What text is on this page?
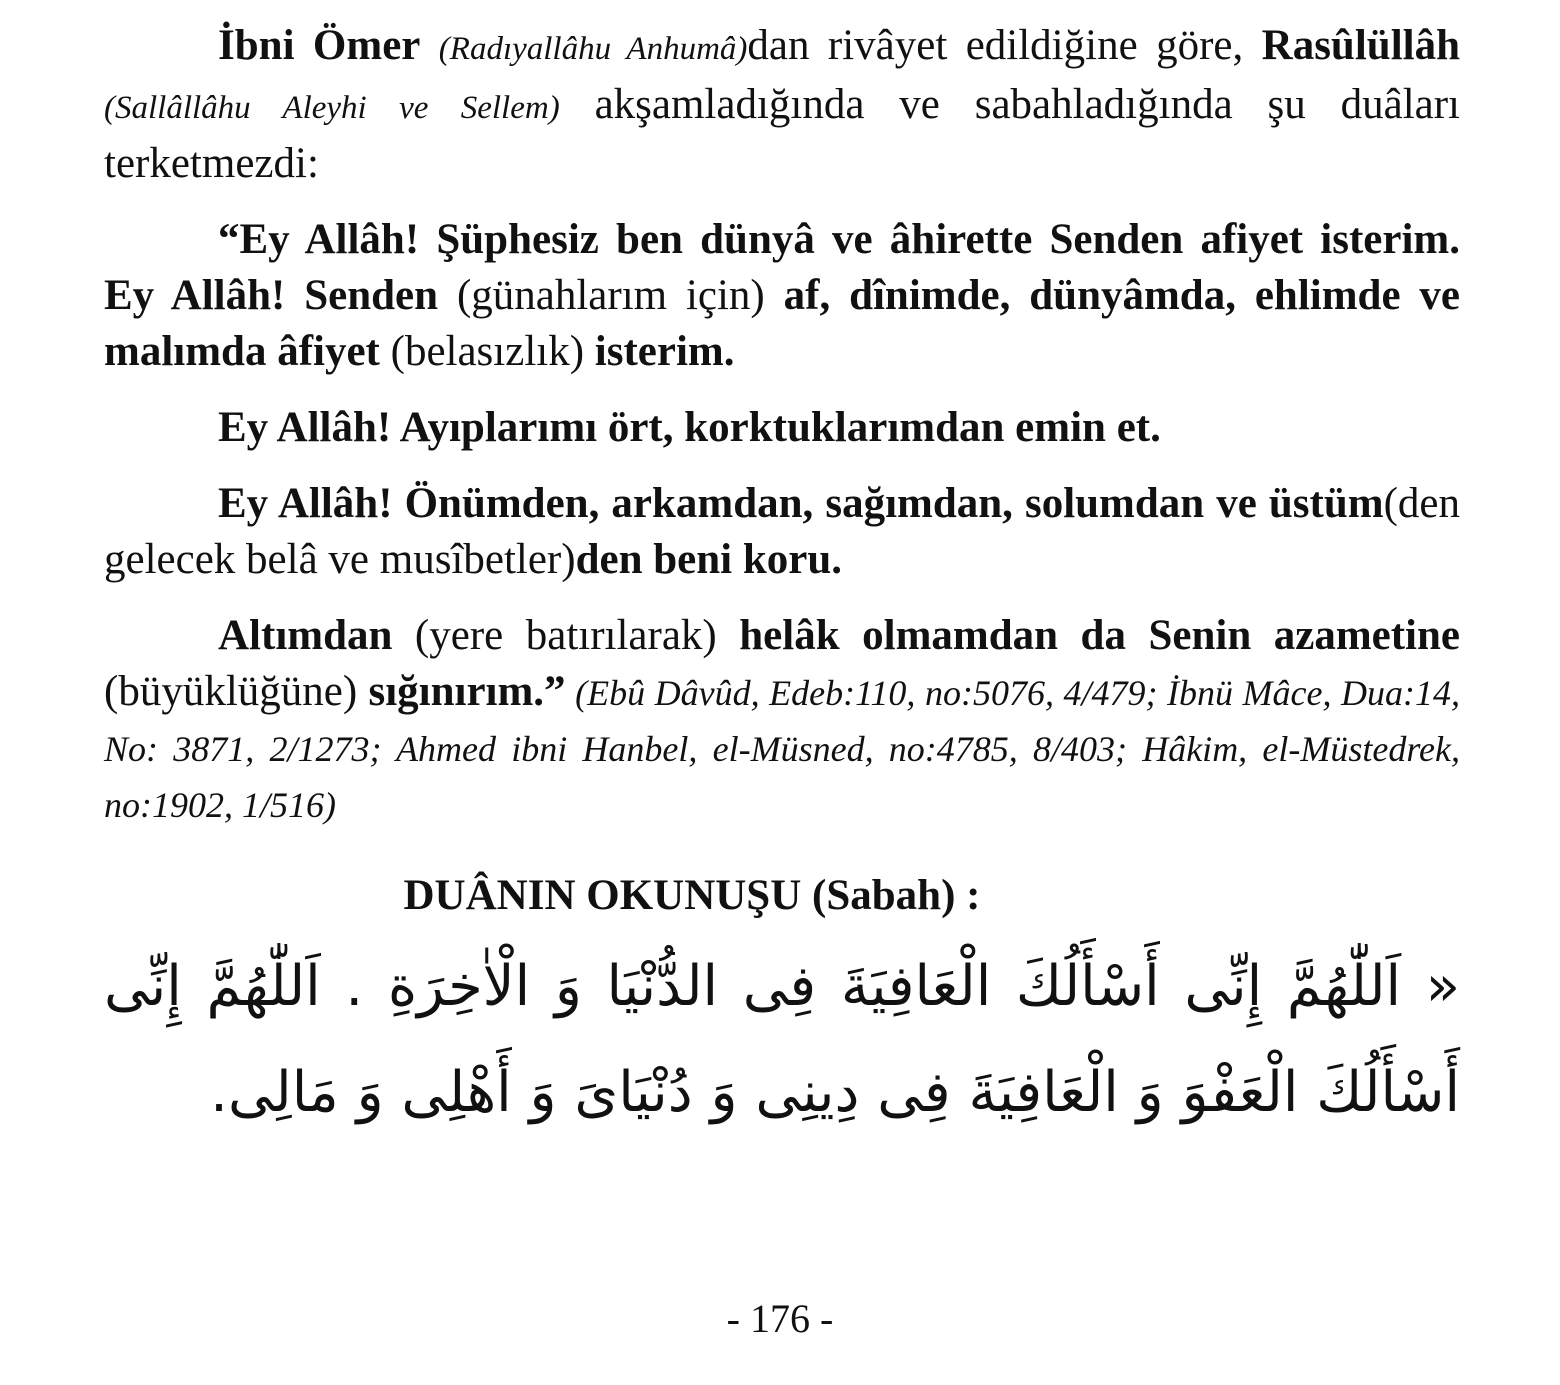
İbni Ömer (Radıyallâhu Anhumâ)dan rivâyet edildiğine göre, Rasûlüllâh (Sallâllâhu Aleyhi ve Sellem) akşamladığında ve sabahladığında şu duâları terketmezdi:

“Ey Allâh! Şüphesiz ben dünyâ ve âhirette Senden afiyet isterim. Ey Allâh! Senden (günahlarım için) af, dînimde, dünyâmda, ehlimde ve malımda âfiyet (belasızlık) isterim.

Ey Allâh! Ayıplarımı ört, korktuklarımdan emin et.

Ey Allâh! Önümden, arkamdan, sağımdan, solumdan ve üstüm(den gelecek belâ ve musîbetler)den beni koru.

Altımdan (yere batırılarak) helâk olmamdan da Senin azametine (büyüklüğüne) sığınırım.” (Ebû Dâvûd, Edeb:110, no:5076, 4/479; İbnü Mâce, Dua:14, No: 3871, 2/1273; Ahmed ibni Hanbel, el-Müsned, no:4785, 8/403; Hâkim, el-Müstedrek, no:1902, 1/516)

DUÂNIN OKUNUŞU (Sabah) :

« اَللّٰهُمَّ إِنِّى أَسْأَلُكَ الْعَافِيَةَ فِى الدُّنْيَا وَ الْاٰخِرَةِ . اَللّٰهُمَّ إِنِّى أَسْأَلُكَ الْعَفْوَ وَ الْعَافِيَةَ فِى دِينِى وَ دُنْيَاىَ وَ أَهْلِى وَ مَالِى.

- 176 -
